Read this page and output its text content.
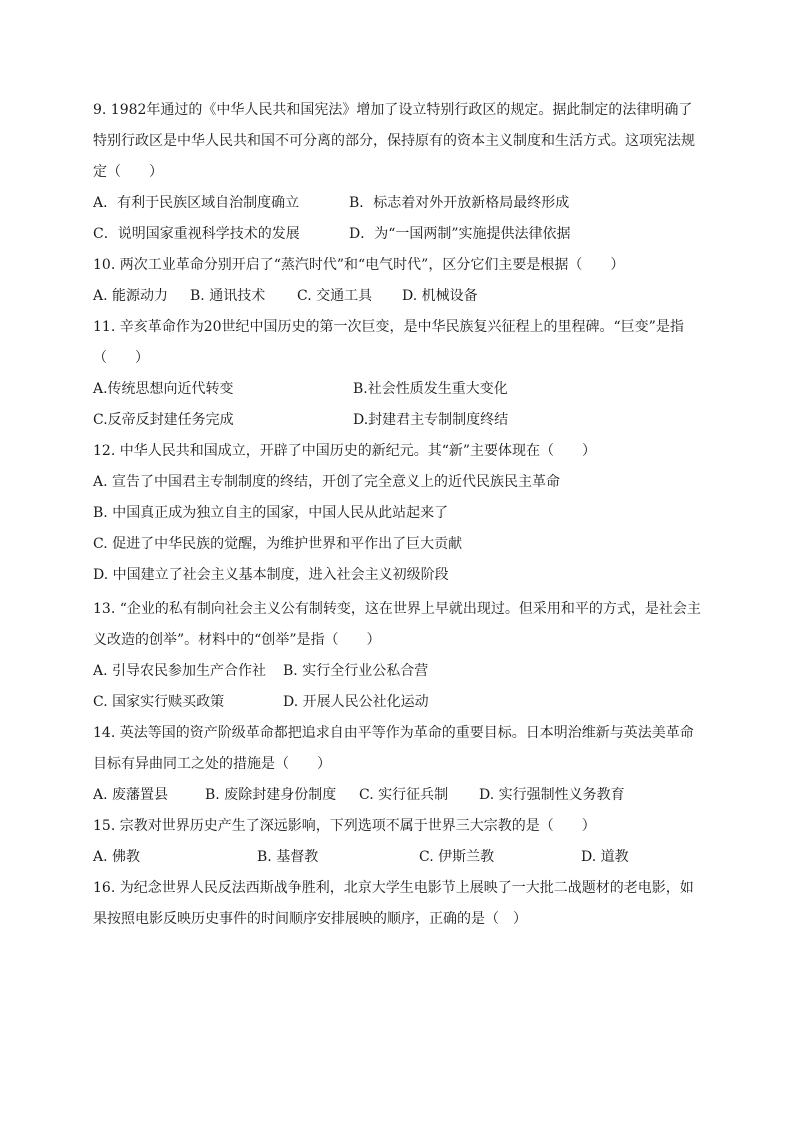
9. 1982年通过的《中华人民共和国宪法》增加了设立特别行政区的规定。据此制定的法律明确了特别行政区是中华人民共和国不可分离的部分，保持原有的资本主义制度和生活方式。这项宪法规定（　　）

A．有利于民族区域自治制度确立	B．标志着对外开放新格局最终形成
C．说明国家重视科学技术的发展	D．为“一国两制”实施提供法律依据

10. 两次工业革命分别开启了“蒸汽时代”和“电气时代”，区分它们主要是根据（　　）

A. 能源动力 B. 通讯技术 C. 交通工具 D. 机械设备

11. 辛亥革命作为20世纪中国历史的第一次巨变，是中华民族复兴征程上的里程碑。“巨变”是指（　　）

A.传统思想向近代转变	B.社会性质发生重大变化
C.反帝反封建任务完成	D.封建君主专制制度终结

12. 中华人民共和国成立，开辟了中国历史的新纪元。其“新”主要体现在（　　）

A. 宣告了中国君主专制制度的终结，开创了完全意义上的近代民族民主革命
B. 中国真正成为独立自主的国家，中国人民从此站起来了
C. 促进了中华民族的觉醒，为维护世界和平作出了巨大贡献
D. 中国建立了社会主义基本制度，进入社会主义初级阶段

13. “企业的私有制向社会主义公有制转变，这在世界上早就出现过。但采用和平的方式，是社会主义改造的创举”。材料中的“创举”是指（　　）

A. 引导农民参加生产合作社 B. 实行全行业公私合营
C. 国家实行赎买政策	D. 开展人民公社化运动

14. 英法等国的资产阶级革命都把追求自由平等作为革命的重要目标。日本明治维新与英法美革命目标有异曲同工之处的措施是（　　）

A. 废藩置县	B. 废除封建身份制度 C. 实行征兵制 D. 实行强制性义务教育

15. 宗教对世界历史产生了深远影响，下列选项不属于世界三大宗教的是（　　）

A. 佛教	B. 基督教	C. 伊斯兰教	D. 道教

16. 为纪念世界人民反法西斯战争胜利，北京大学生电影节上展映了一大批二战题材的老电影，如果按照电影反映历史事件的时间顺序安排展映的顺序，正确的是（　）
